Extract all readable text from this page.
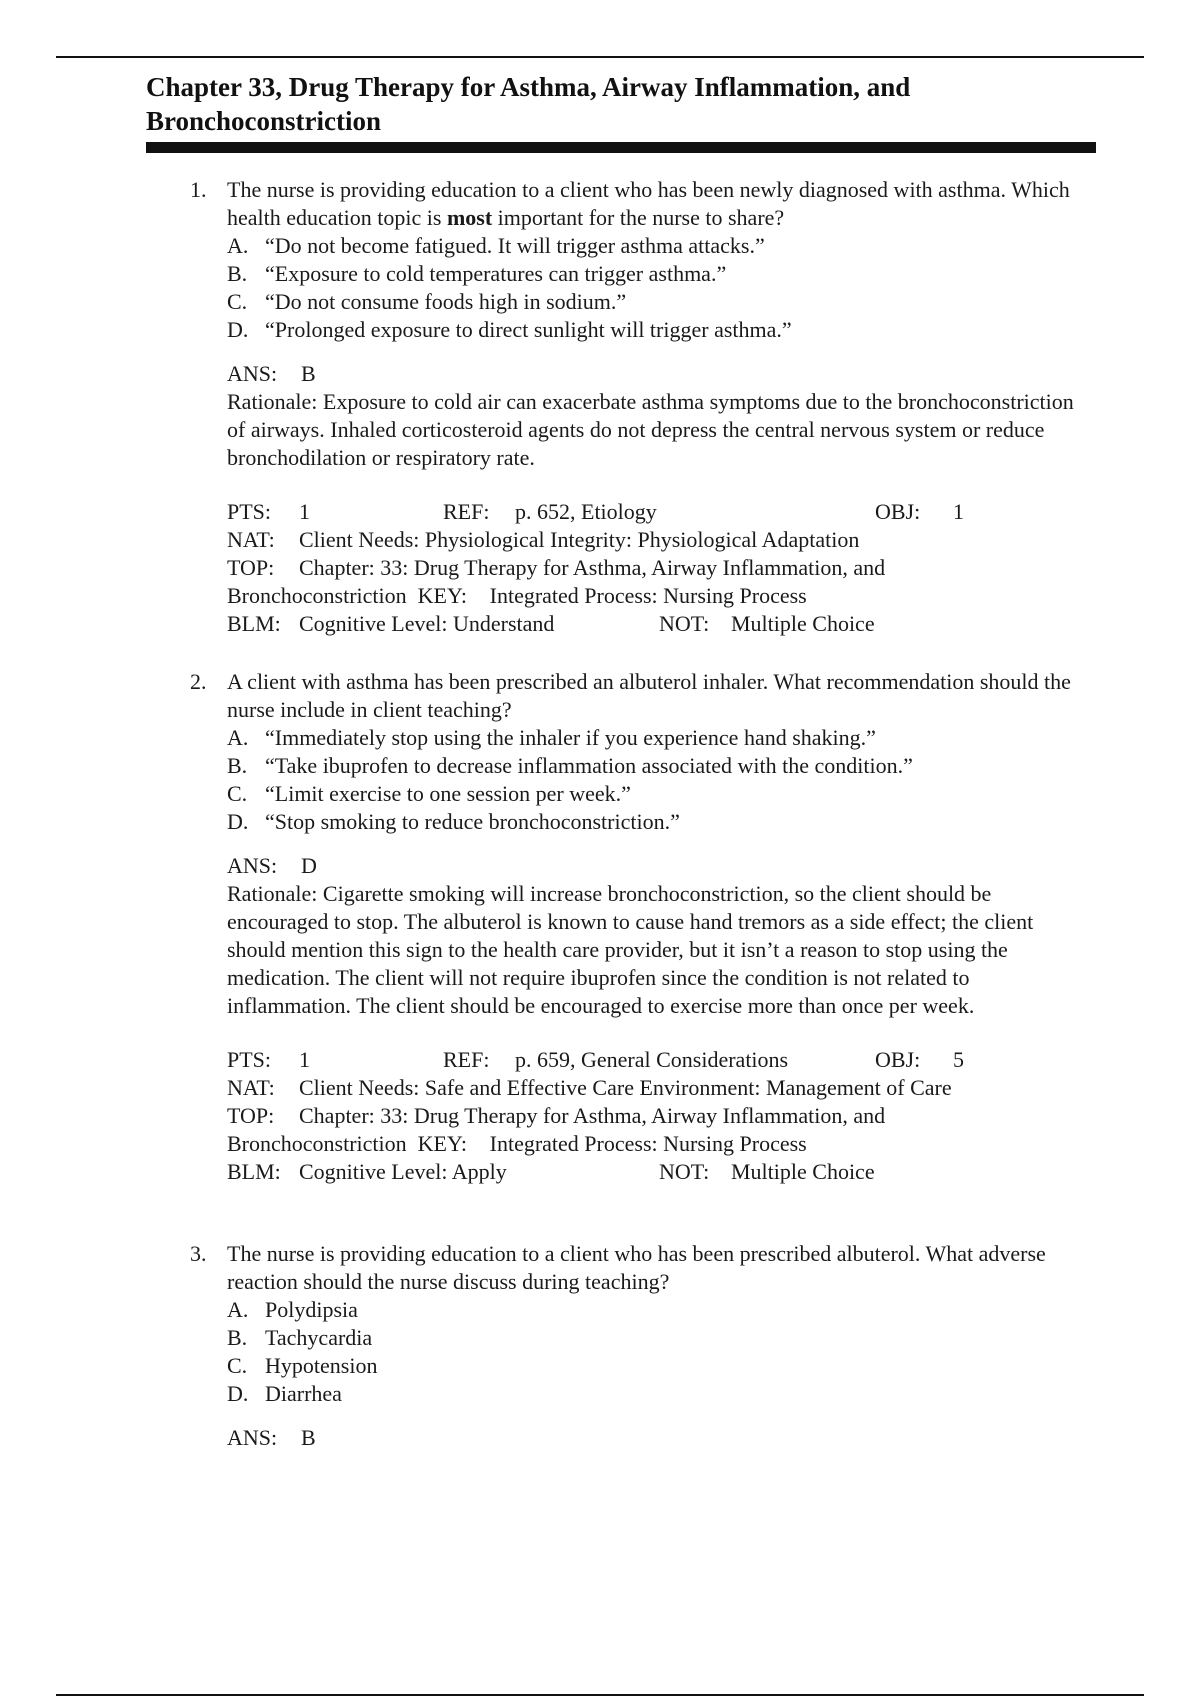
Chapter 33, Drug Therapy for Asthma, Airway Inflammation, and Bronchoconstriction
1. The nurse is providing education to a client who has been newly diagnosed with asthma. Which health education topic is most important for the nurse to share?

A. “Do not become fatigued. It will trigger asthma attacks.”
B. “Exposure to cold temperatures can trigger asthma.”
C. “Do not consume foods high in sodium.”
D. “Prolonged exposure to direct sunlight will trigger asthma.”
ANS: B

Rationale: Exposure to cold air can exacerbate asthma symptoms due to the bronchoconstriction of airways. Inhaled corticosteroid agents do not depress the central nervous system or reduce bronchodilation or respiratory rate.

PTS: 1	REF: p. 652, Etiology	OBJ: 1
NAT: Client Needs: Physiological Integrity: Physiological Adaptation
TOP: Chapter: 33: Drug Therapy for Asthma, Airway Inflammation, and
Bronchoconstriction KEY: Integrated Process: Nursing Process
BLM: Cognitive Level: Understand	NOT: Multiple Choice
2. A client with asthma has been prescribed an albuterol inhaler. What recommendation should the nurse include in client teaching?

A. “Immediately stop using the inhaler if you experience hand shaking.”
B. “Take ibuprofen to decrease inflammation associated with the condition.”
C. “Limit exercise to one session per week.”
D. “Stop smoking to reduce bronchoconstriction.”
ANS: D

Rationale: Cigarette smoking will increase bronchoconstriction, so the client should be encouraged to stop. The albuterol is known to cause hand tremors as a side effect; the client should mention this sign to the health care provider, but it isn’t a reason to stop using the medication. The client will not require ibuprofen since the condition is not related to inflammation. The client should be encouraged to exercise more than once per week.

PTS: 1	REF: p. 659, General Considerations	OBJ: 5
NAT: Client Needs: Safe and Effective Care Environment: Management of Care
TOP: Chapter: 33: Drug Therapy for Asthma, Airway Inflammation, and
Bronchoconstriction KEY: Integrated Process: Nursing Process
BLM: Cognitive Level: Apply	NOT: Multiple Choice
3. The nurse is providing education to a client who has been prescribed albuterol. What adverse reaction should the nurse discuss during teaching?

A. Polydipsia
B. Tachycardia
C. Hypotension
D. Diarrhea
ANS: B
